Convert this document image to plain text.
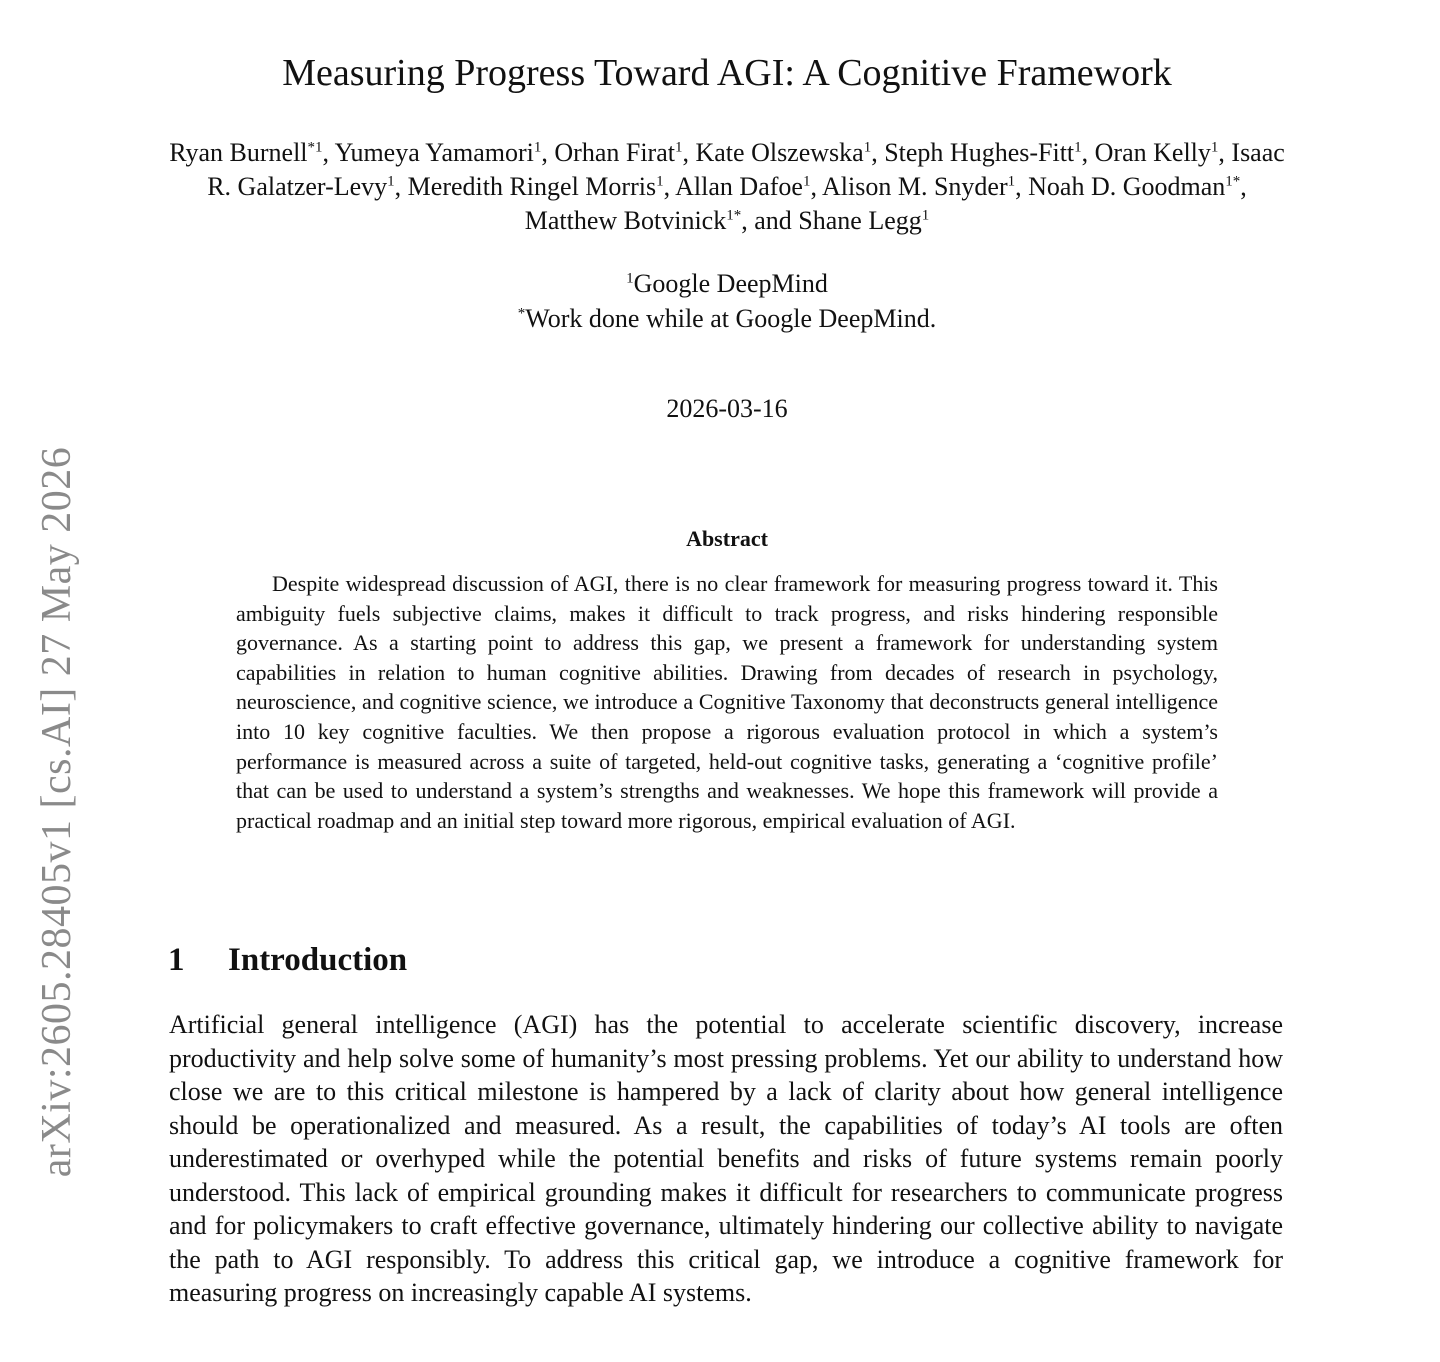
arXiv:2605.28405v1 [cs.AI] 27 May 2026
Measuring Progress Toward AGI: A Cognitive Framework
Ryan Burnell$^{*1}$, Yumeya Yamamori$^1$, Orhan Firat$^1$, Kate Olszewska$^1$, Steph Hughes-Fitt$^1$, Oran Kelly$^1$, Isaac R. Galatzer-Levy$^1$, Meredith Ringel Morris$^1$, Allan Dafoe$^1$, Alison M. Snyder$^1$, Noah D. Goodman$^{1*}$, Matthew Botvinick$^{1*}$, and Shane Legg$^1$
$^1$Google DeepMind
*Work done while at Google DeepMind.
2026-03-16
Abstract

Despite widespread discussion of AGI, there is no clear framework for measuring progress toward it. This ambiguity fuels subjective claims, makes it difficult to track progress, and risks hindering responsible governance. As a starting point to address this gap, we present a framework for understanding system capabilities in relation to human cognitive abilities. Drawing from decades of research in psychology, neuroscience, and cognitive science, we introduce a Cognitive Taxonomy that deconstructs general intelligence into 10 key cognitive faculties. We then propose a rigorous evaluation protocol in which a system’s performance is measured across a suite of targeted, held-out cognitive tasks, generating a ‘cognitive profile’ that can be used to understand a system’s strengths and weaknesses. We hope this framework will provide a practical roadmap and an initial step toward more rigorous, empirical evaluation of AGI.

1 Introduction

Artificial general intelligence (AGI) has the potential to accelerate scientific discovery, increase productivity and help solve some of humanity’s most pressing problems. Yet our ability to understand how close we are to this critical milestone is hampered by a lack of clarity about how general intelligence should be operationalized and measured. As a result, the capabilities of today’s AI tools are often underestimated or overhyped while the potential benefits and risks of future systems remain poorly understood. This lack of empirical grounding makes it difficult for researchers to communicate progress and for policymakers to craft effective governance, ultimately hindering our collective ability to navigate the path to AGI responsibly. To address this critical gap, we introduce a cognitive framework for measuring progress on increasingly capable AI systems.
